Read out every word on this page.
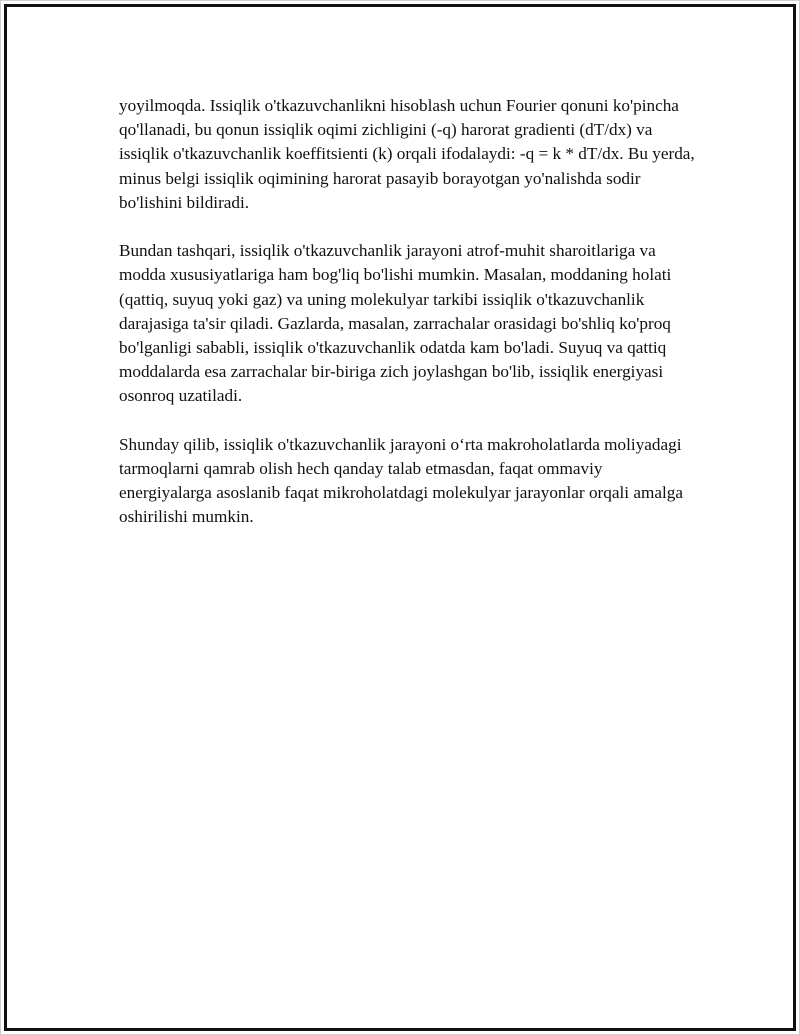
yoyilmoqda. Issiqlik o'tkazuvchanlikni hisoblash uchun Fourier qonuni ko'pincha qo'llanadi, bu qonun issiqlik oqimi zichligini (-q) harorat gradienti (dT/dx) va issiqlik o'tkazuvchanlik koeffitsienti (k) orqali ifodalaydi: -q = k * dT/dx. Bu yerda, minus belgi issiqlik oqimining harorat pasayib borayotgan yo'nalishda sodir bo'lishini bildiradi.

Bundan tashqari, issiqlik o'tkazuvchanlik jarayoni atrof-muhit sharoitlariga va modda xususiyatlariga ham bog'liq bo'lishi mumkin. Masalan, moddaning holati (qattiq, suyuq yoki gaz) va uning molekulyar tarkibi issiqlik o'tkazuvchanlik darajasiga ta'sir qiladi. Gazlarda, masalan, zarrachalar orasidagi bo'shliq ko'proq bo'lganligi sababli, issiqlik o'tkazuvchanlik odatda kam bo'ladi. Suyuq va qattiq moddalarda esa zarrachalar bir-biriga zich joylashgan bo'lib, issiqlik energiyasi osonroq uzatiladi.

Shunday qilib, issiqlik o'tkazuvchanlik jarayoni o‘rta makroholatlarda moliyadagi tarmoqlarni qamrab olish hech qanday talab etmasdan, faqat ommaviy energiyalarga asoslanib faqat mikroholatdagi molekulyar jarayonlar orqali amalga oshirilishi mumkin.
